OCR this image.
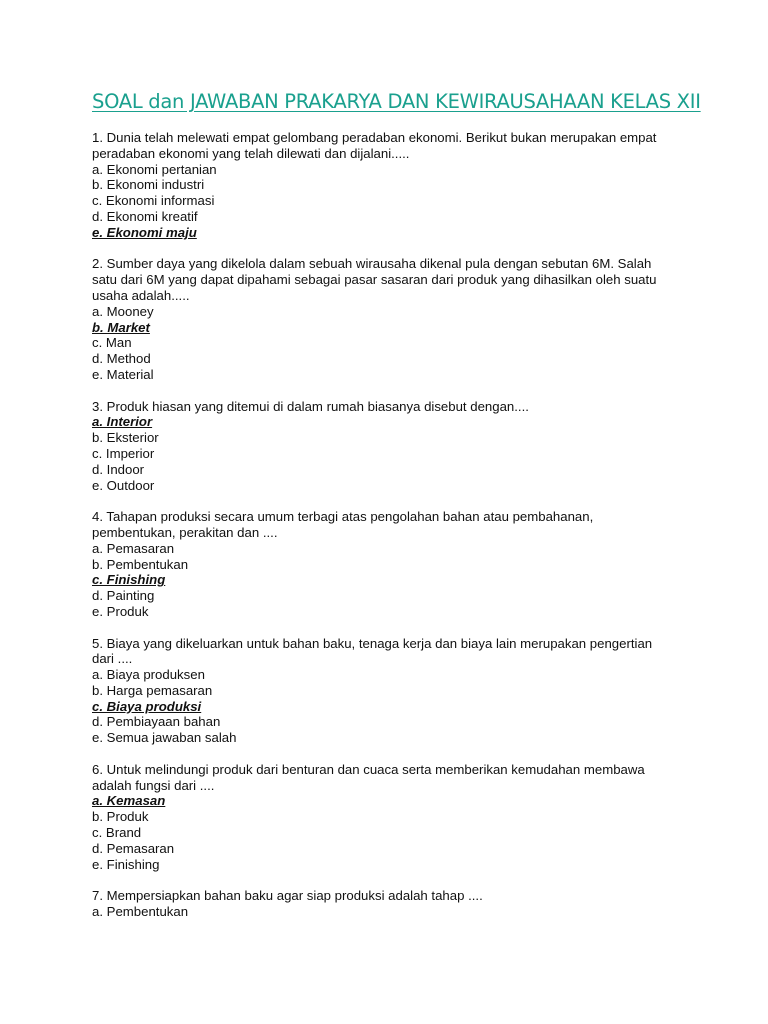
SOAL dan JAWABAN PRAKARYA DAN KEWIRAUSAHAAN KELAS XII
1. Dunia telah melewati empat gelombang peradaban ekonomi. Berikut bukan merupakan empat
peradaban ekonomi yang telah dilewati dan dijalani.....
a. Ekonomi pertanian
b. Ekonomi industri
c. Ekonomi informasi
d. Ekonomi kreatif
e. Ekonomi maju
2. Sumber daya yang dikelola dalam sebuah wirausaha dikenal pula dengan sebutan 6M. Salah
satu dari 6M yang dapat dipahami sebagai pasar sasaran dari produk yang dihasilkan oleh suatu
usaha adalah.....
a. Mooney
b. Market
c. Man
d. Method
e. Material
3. Produk hiasan yang ditemui di dalam rumah biasanya disebut dengan....
a. Interior
b. Eksterior
c. Imperior
d. Indoor
e. Outdoor
4. Tahapan produksi secara umum terbagi atas pengolahan bahan atau pembahanan,
pembentukan, perakitan dan ....
a. Pemasaran
b. Pembentukan
c. Finishing
d. Painting
e. Produk
5. Biaya yang dikeluarkan untuk bahan baku, tenaga kerja dan biaya lain merupakan pengertian
dari ....
a. Biaya produksen
b. Harga pemasaran
c. Biaya produksi
d. Pembiayaan bahan
e. Semua jawaban salah
6. Untuk melindungi produk dari benturan dan cuaca serta memberikan kemudahan membawa
adalah fungsi dari ....
a. Kemasan
b. Produk
c. Brand
d. Pemasaran
e. Finishing
7. Mempersiapkan bahan baku agar siap produksi adalah tahap ....
a. Pembentukan
